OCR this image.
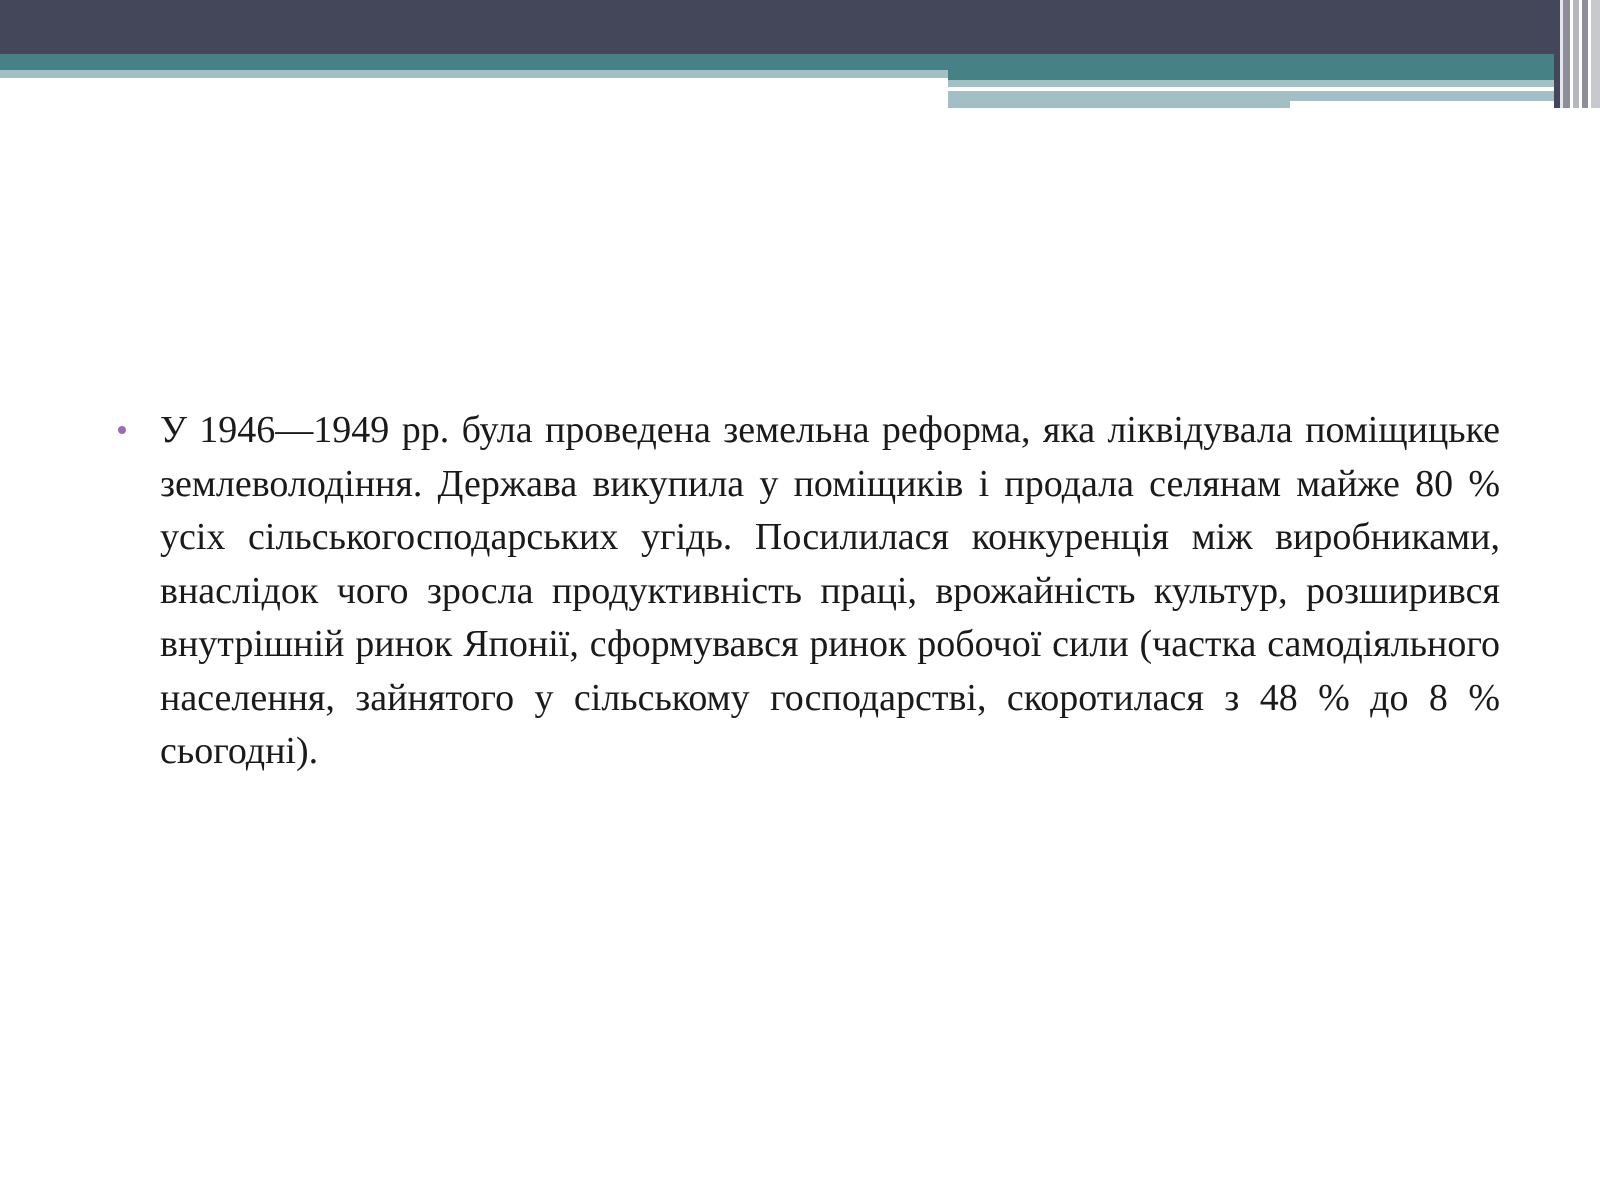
У 1946—1949 рр. була проведена земельна реформа, яка ліквідувала поміщицьке землеволодіння. Держава викупила у поміщиків і продала селянам майже 80 % усіх сільськогосподарських угідь. Посилилася конкуренція між виробниками, внаслідок чого зросла продуктивність праці, врожайність культур, розширився внутрішній ринок Японії, сформувався ринок робочої сили (частка самодіяльного населення, зайнятого у сільському господарстві, скоротилася з 48 % до 8 % сьогодні).
